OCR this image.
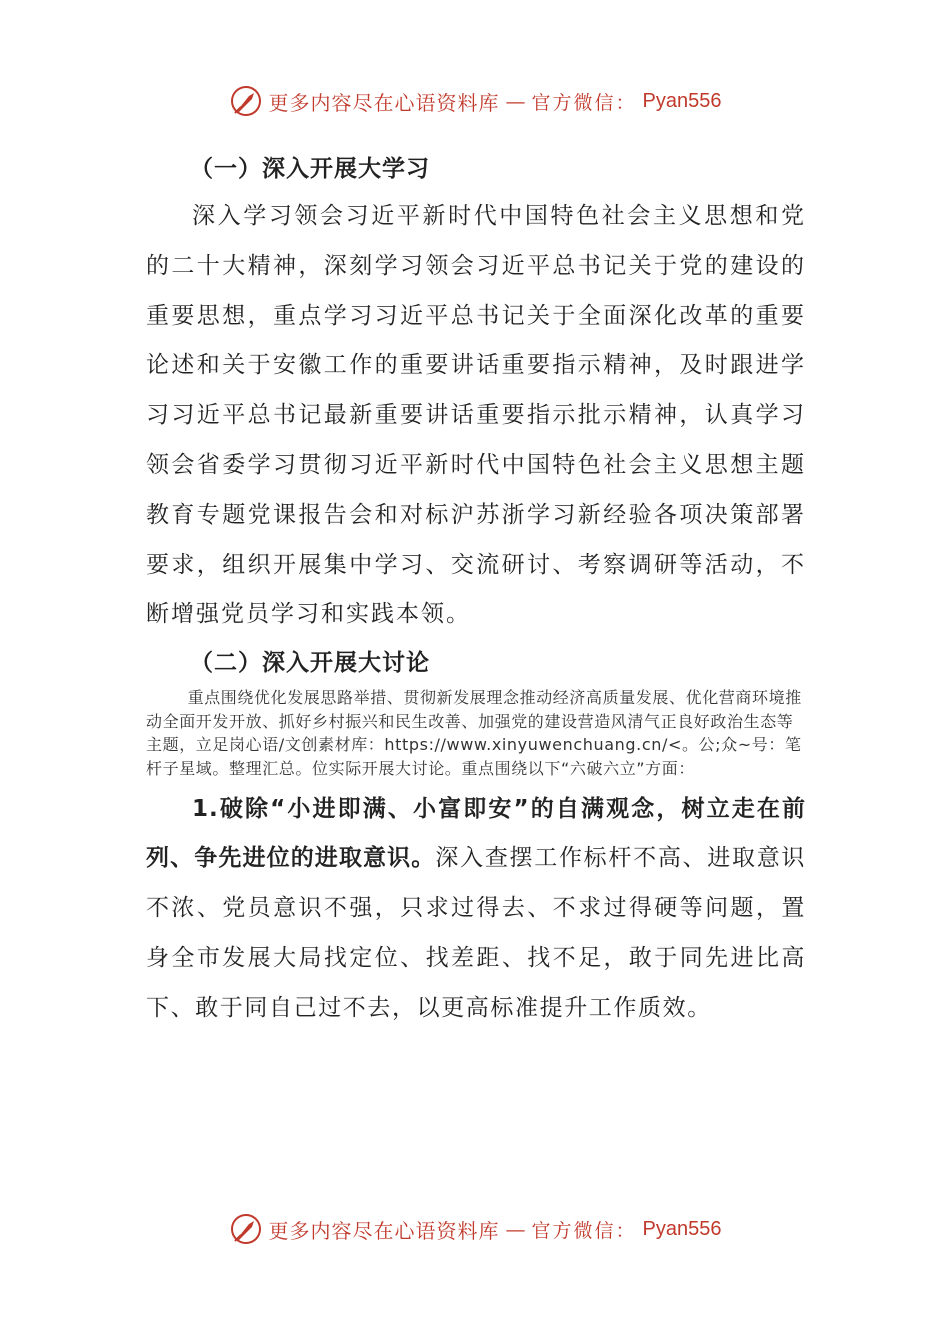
更多内容尽在心语资料库 — 官方微信： Pyan556
（一）深入开展大学习

深入学习领会习近平新时代中国特色社会主义思想和党的二十大精神，深刻学习领会习近平总书记关于党的建设的重要思想，重点学习习近平总书记关于全面深化改革的重要论述和关于安徽工作的重要讲话重要指示精神，及时跟进学习习近平总书记最新重要讲话重要指示批示精神，认真学习领会省委学习贯彻习近平新时代中国特色社会主义思想主题教育专题党课报告会和对标沪苏浙学习新经验各项决策部署要求，组织开展集中学习、交流研讨、考察调研等活动，不断增强党员学习和实践本领。

（二）深入开展大讨论

重点围绕优化发展思路举措、贯彻新发展理念推动经济高质量发展、优化营商环境推动全面开发开放、抓好乡村振兴和民生改善、加强党的建设营造风清气正良好政治生态等主题，立足岗心语/文创素材库：https://www.xinyuwenchuang.cn/<。公;众~号：笔杆子星域。整理汇总。位实际开展大讨论。重点围绕以下“六破六立”方面：

1.破除“小进即满、小富即安”的自满观念，树立走在前列、争先进位的进取意识。深入查摆工作标杆不高、进取意识不浓、党员意识不强，只求过得去、不求过得硬等问题，置身全市发展大局找定位、找差距、找不足，敢于同先进比高下、敢于同自己过不去，以更高标准提升工作质效。

更多内容尽在心语资料库 — 官方微信： Pyan556
